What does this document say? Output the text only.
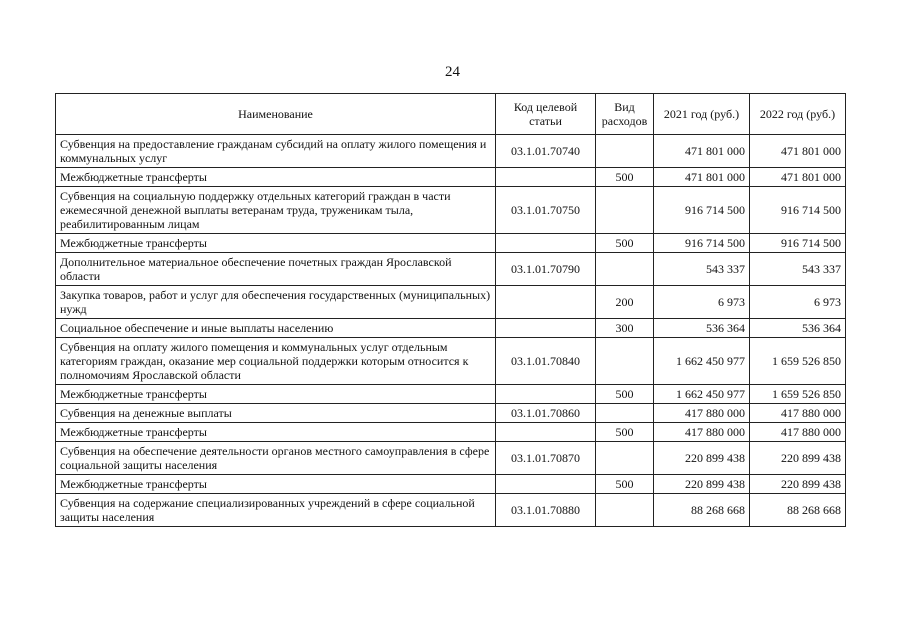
24
Наименование	Код целевой статьи	Вид расходов	2021 год (руб.)	2022 год (руб.)
Субвенция на предоставление гражданам субсидий на оплату жилого помещения и коммунальных услуг	03.1.01.70740		471 801 000	471 801 000
Межбюджетные трансферты		500	471 801 000	471 801 000
Субвенция на социальную поддержку отдельных категорий граждан в части ежемесячной денежной выплаты ветеранам труда, труженикам тыла, реабилитированным лицам	03.1.01.70750		916 714 500	916 714 500
Межбюджетные трансферты		500	916 714 500	916 714 500
Дополнительное материальное обеспечение почетных граждан Ярославской области	03.1.01.70790		543 337	543 337
Закупка товаров, работ и услуг для обеспечения государственных (муниципальных) нужд		200	6 973	6 973
Социальное обеспечение и иные выплаты населению		300	536 364	536 364
Субвенция на оплату жилого помещения и коммунальных услуг отдельным категориям граждан, оказание мер социальной поддержки которым относится к полномочиям Ярославской области	03.1.01.70840		1 662 450 977	1 659 526 850
Межбюджетные трансферты		500	1 662 450 977	1 659 526 850
Субвенция на денежные выплаты	03.1.01.70860		417 880 000	417 880 000
Межбюджетные трансферты		500	417 880 000	417 880 000
Субвенция на обеспечение деятельности органов местного самоуправления в сфере социальной защиты населения	03.1.01.70870		220 899 438	220 899 438
Межбюджетные трансферты		500	220 899 438	220 899 438
Субвенция на содержание специализированных учреждений в сфере социальной защиты населения	03.1.01.70880		88 268 668	88 268 668
